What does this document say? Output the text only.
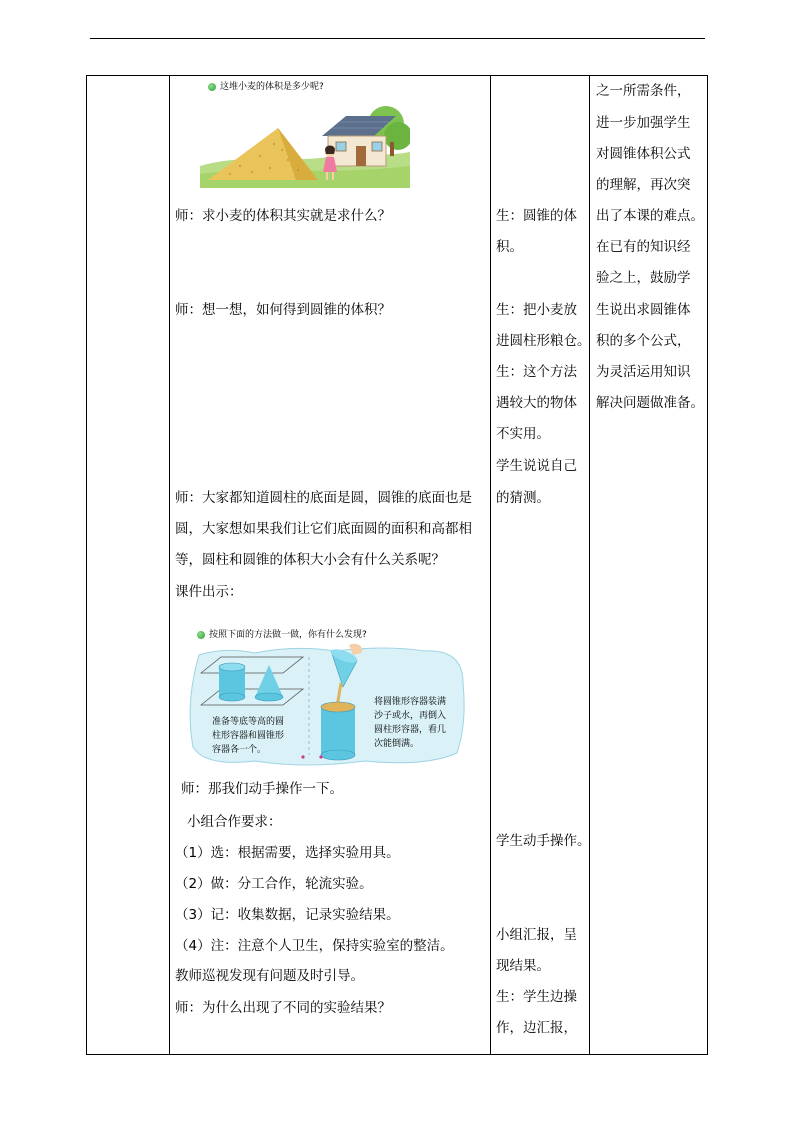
这堆小麦的体积是多少呢?
师：求小麦的体积其实就是求什么？
师：想一想，如何得到圆锥的体积？
师：大家都知道圆柱的底面是圆，圆锥的底面也是
圆，大家想如果我们让它们底面圆的面积和高都相
等，圆柱和圆锥的体积大小会有什么关系呢？
课件出示：
按照下面的方法做一做，你有什么发现?
准备等底等高的圆
柱形容器和圆锥形
容器各一个。
将圆锥形容器装满
沙子或水，再倒入
圆柱形容器，看几
次能倒满。
师：那我们动手操作一下。
小组合作要求：
（1）选：根据需要，选择实验用具。
（2）做：分工合作，轮流实验。
（3）记：收集数据，记录实验结果。
（4）注：注意个人卫生，保持实验室的整洁。
教师巡视发现有问题及时引导。
师：为什么出现了不同的实验结果？
生：圆锥的体
积。
生：把小麦放
进圆柱形粮仓。
生：这个方法
遇较大的物体
不实用。
学生说说自己
的猜测。
学生动手操作。
小组汇报，呈
现结果。
生：学生边操
作，边汇报，
之一所需条件，
进一步加强学生
对圆锥体积公式
的理解，再次突
出了本课的难点。
在已有的知识经
验之上，鼓励学
生说出求圆锥体
积的多个公式，
为灵活运用知识
解决问题做准备。
